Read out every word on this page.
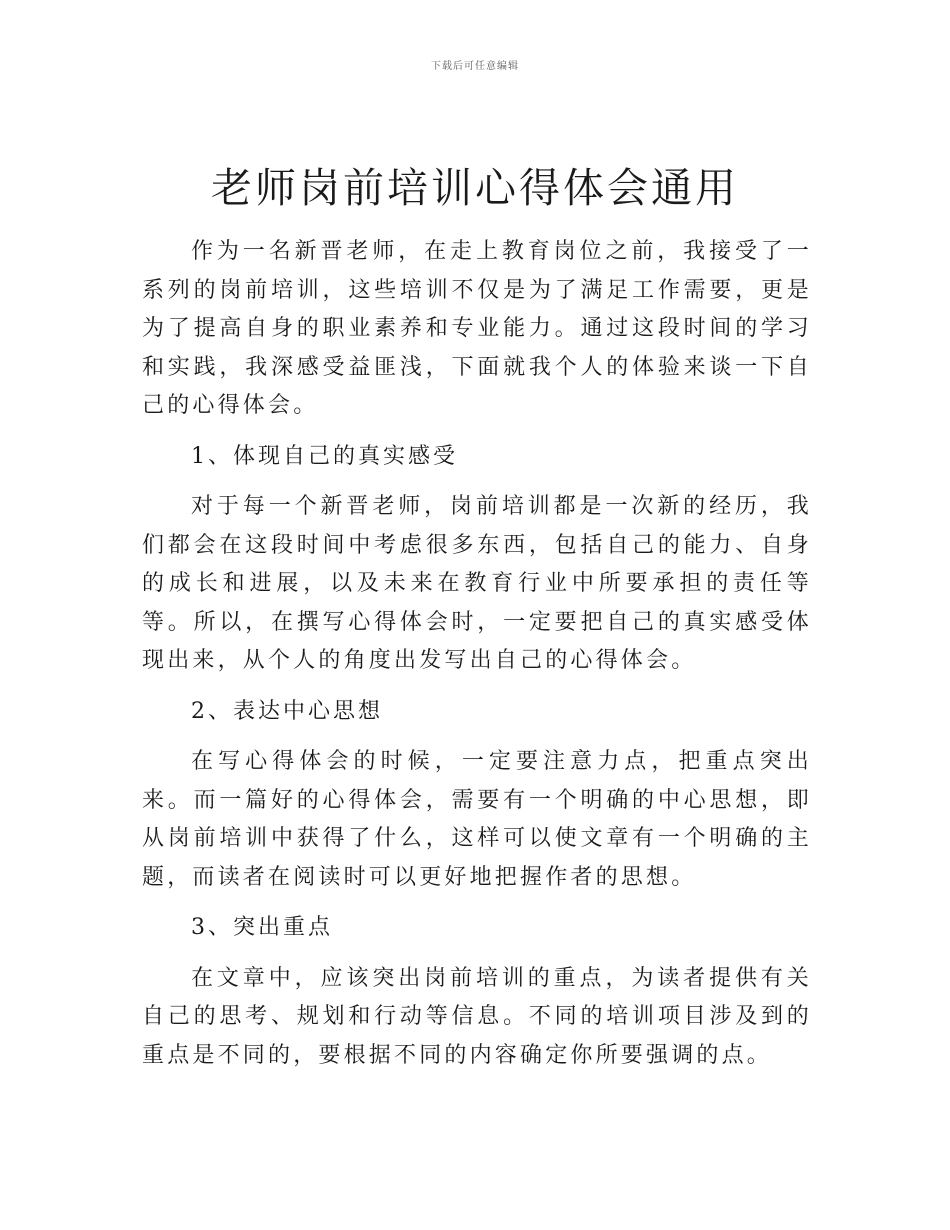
下载后可任意编辑
老师岗前培训心得体会通用

作为一名新晋老师，在走上教育岗位之前，我接受了一系列的岗前培训，这些培训不仅是为了满足工作需要，更是为了提高自身的职业素养和专业能力。通过这段时间的学习和实践，我深感受益匪浅，下面就我个人的体验来谈一下自己的心得体会。

1、体现自己的真实感受

对于每一个新晋老师，岗前培训都是一次新的经历，我们都会在这段时间中考虑很多东西，包括自己的能力、自身的成长和进展，以及未来在教育行业中所要承担的责任等等。所以，在撰写心得体会时，一定要把自己的真实感受体现出来，从个人的角度出发写出自己的心得体会。

2、表达中心思想

在写心得体会的时候，一定要注意力点，把重点突出来。而一篇好的心得体会，需要有一个明确的中心思想，即从岗前培训中获得了什么，这样可以使文章有一个明确的主题，而读者在阅读时可以更好地把握作者的思想。

3、突出重点

在文章中，应该突出岗前培训的重点，为读者提供有关自己的思考、规划和行动等信息。不同的培训项目涉及到的重点是不同的，要根据不同的内容确定你所要强调的点。
